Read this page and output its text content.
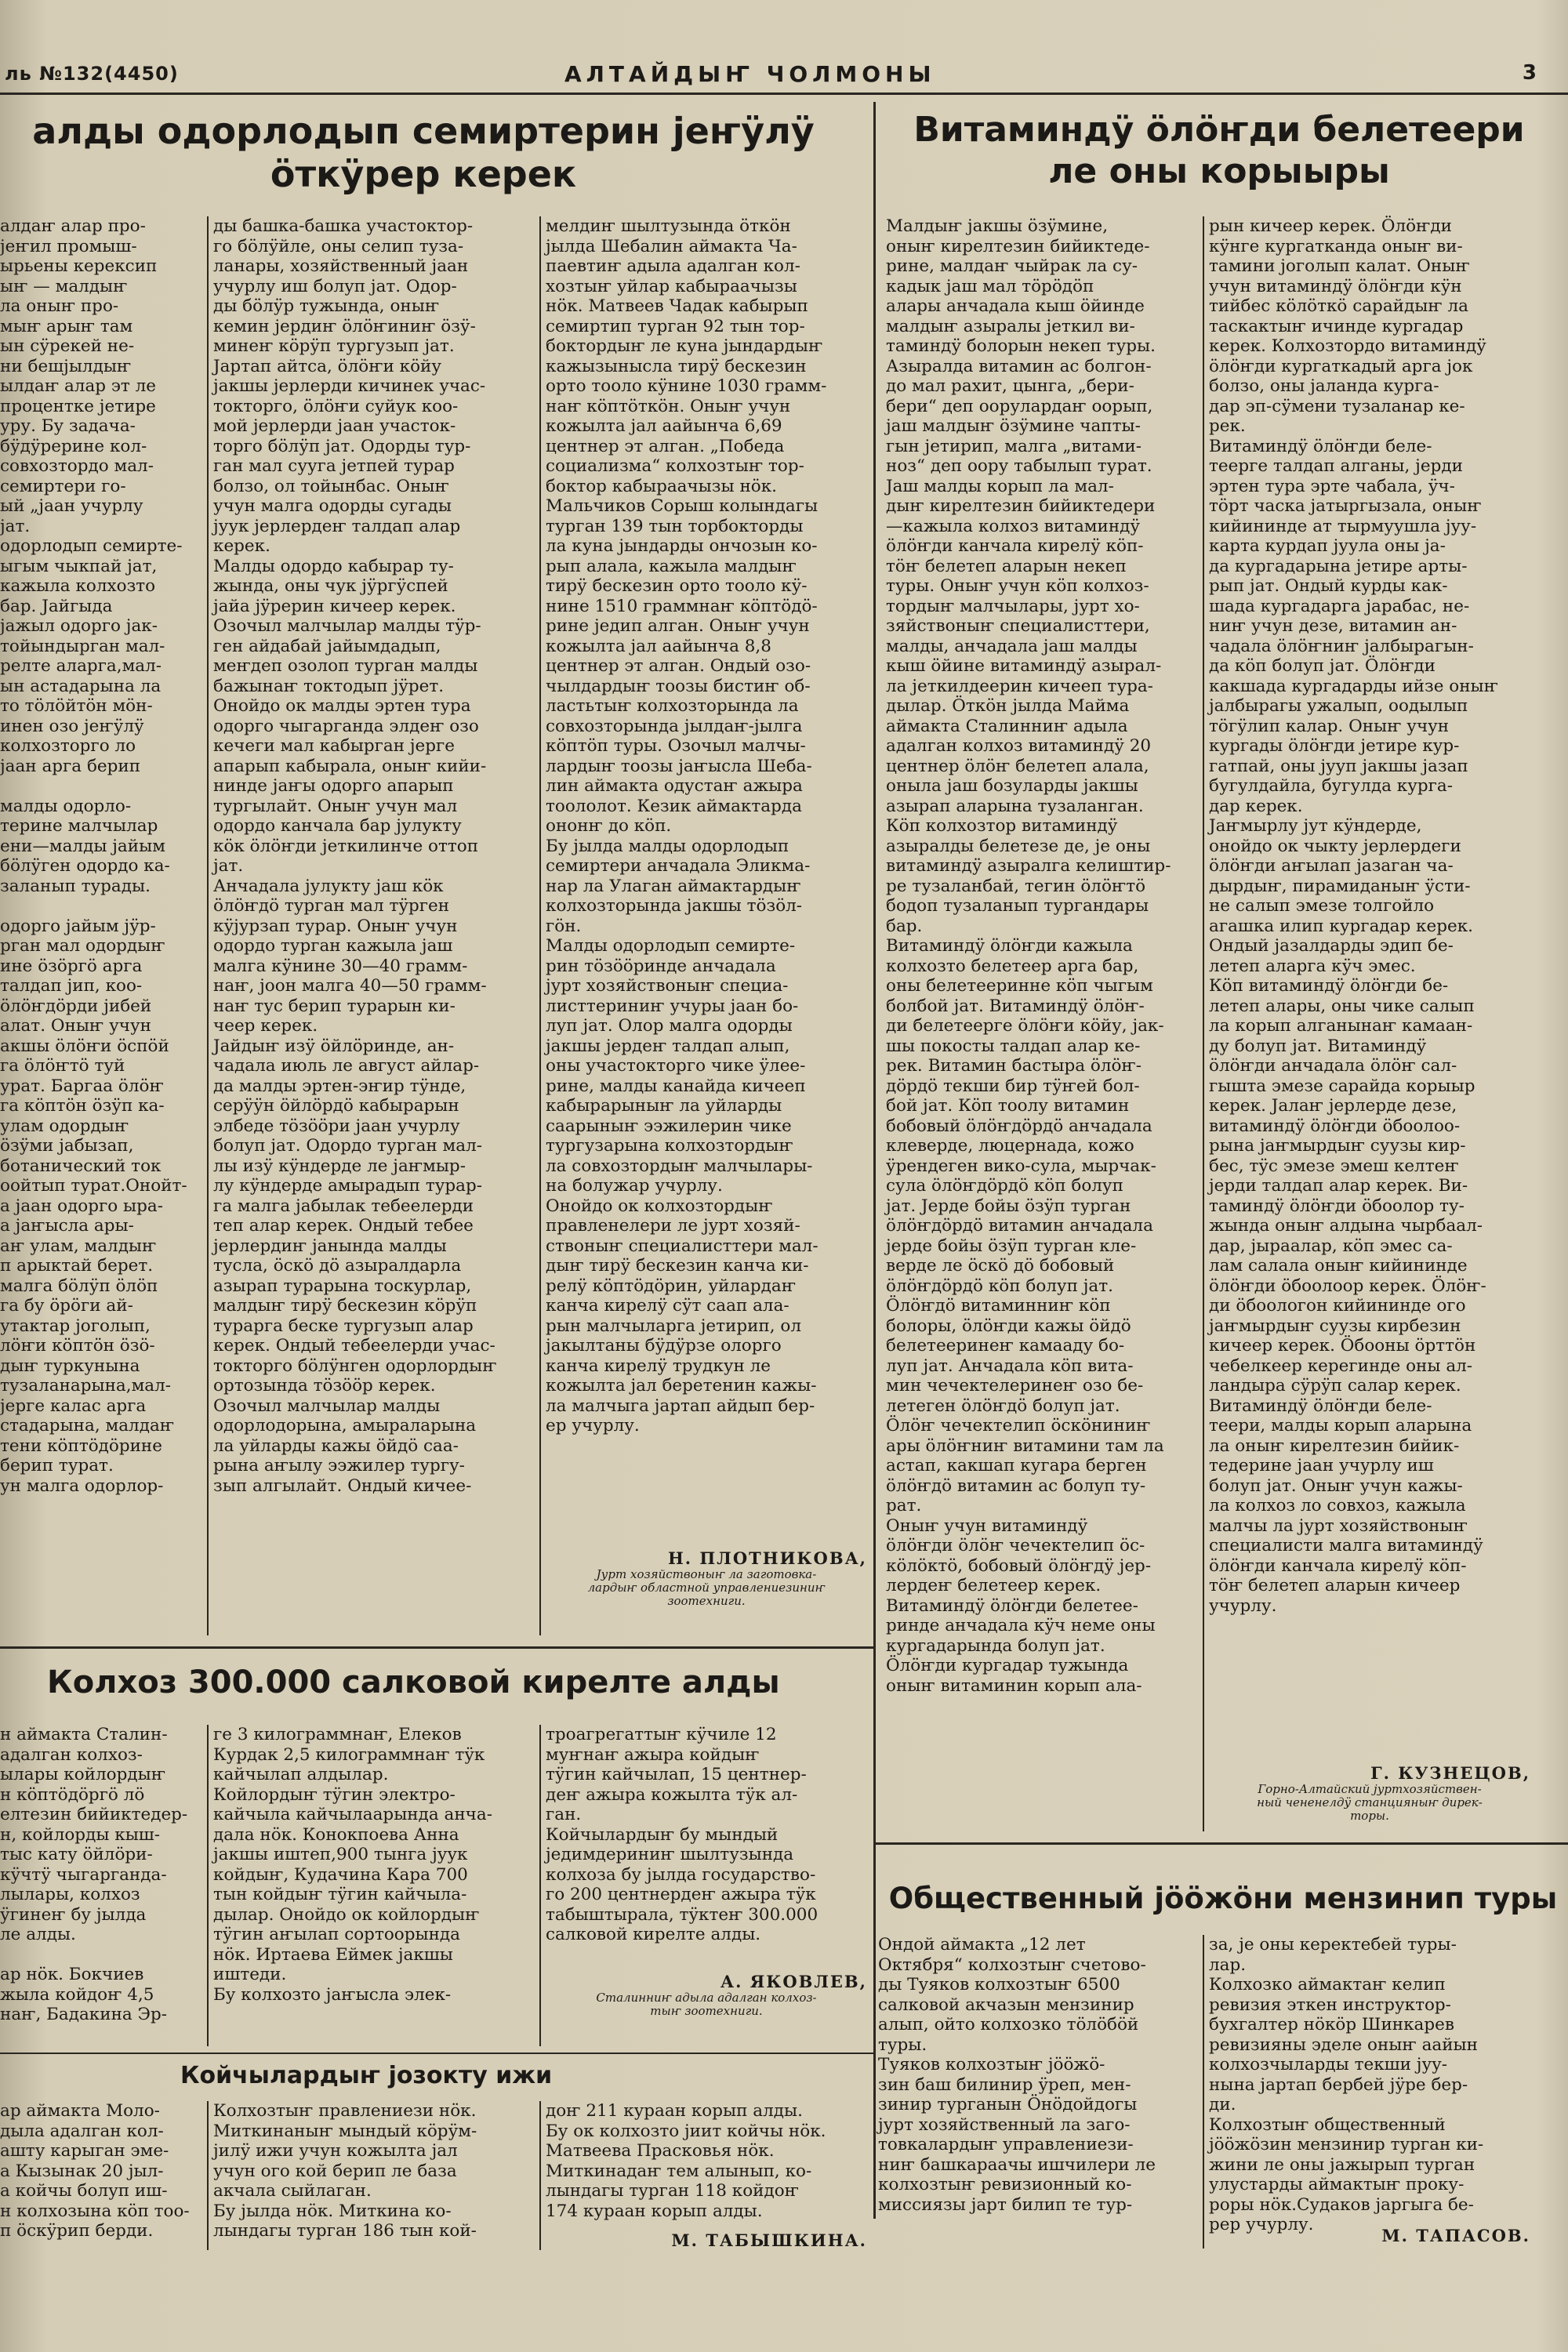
ль №132(4450)	АЛТАЙДЫҤ ЧОЛМОНЫ	3
алды одорлодып семиртерин јеҥӱлӱ
ӧткӱрер керек
алдаҥ алар про-
јеҥил промыш-
ырьены керексип
ыҥ — малдыҥ
ла оныҥ про-
мыҥ арыҥ там
ын сӱрекей не-
ни бешјылдыҥ
ылдаҥ алар эт ле
процентке јетире
уру. Бу задача-
бӱдӱрерине кол-
совхозтордо мал-
семиртери го-
ый „јаан учурлу
јат.
одорлодып семирте-
ыгым чыкпай јат,
кажыла колхозто
бар. Јайгыда
јажыл одорго јак-
тойындырган мал-
релте аларга,мал-
ын астадарына ла
то тӧлӧйтӧн мӧн-
инен озо јеҥӱлӱ
колхозторго ло
јаан арга берип

малды одорло-
терине малчылар
ени—малды јайым
бӧлӱген одордо ка-
заланып турады.

одорго јайым јӱр-
рган мал одордыҥ
ине ӧзӧргӧ арга
талдап јип, коо-
ӧлӧҥдӧрди јибей
алат. Оныҥ учун
акшы ӧлӧҥи ӧспӧй
га ӧлӧҥтӧ туй
урат. Баргаа ӧлӧҥ
га кӧптӧн ӧзӱп ка-
улам одордыҥ
ӧзӱми јабызап,
ботанический ток
оойтып турат.Онойт-
а јаан одорго ыра-
а јаҥысла ары-
аҥ улам, малдыҥ
п арыктай берет.
малга бӧлӱп ӧлӧп
га бу ӧрӧги ай-
утактар јоголып,
лӧҥи кӧптӧн ӧзӧ-
дыҥ туркунына
тузаланарына,мал-
јерге калас арга
стадарына, малдаҥ
тени кӧптӧдӧрине
берип турат.
ун малга одорлор-
ды башка-башка участоктор-
го бӧлӱйле, оны селип туза-
ланары, хозяйственный јаан
учурлу иш болуп јат. Одор-
ды бӧлӱр тужында, оныҥ
кемин јердиҥ ӧлӧҥиниҥ ӧзӱ-
минеҥ кӧрӱп тургузып јат.
Јартап айтса, ӧлӧҥи кӧйу
јакшы јерлерди кичинек учас-
токторго, ӧлӧҥи суйук коо-
мой јерлерди јаан участок-
торго бӧлӱп јат. Одорды тур-
ган мал сууга јетпей турар
болзо, ол тойынбас. Оныҥ
учун малга одорды сугады
јуук јерлердеҥ талдап алар
керек.
Малды одордо кабырар ту-
жында, оны чук јӱргӱспей
јайа јӱрерин кичеер керек.
Озочыл малчылар малды тӱр-
ген айдабай јайымдадып,
меҥдеп озолоп турган малды
бажынаҥ токтодып јӱрет.
Онойдо ок малды эртен тура
одорго чыгарганда элдеҥ озо
кечеги мал кабырган јерге
апарып кабырала, оныҥ кийи-
нинде јаҥы одорго апарып
тургылайт. Оныҥ учун мал
одордо канчала бар јулукту
кӧк ӧлӧҥди јеткилинче оттоп
јат.
Анчадала јулукту јаш кӧк
ӧлӧҥдӧ турган мал тӱрген
кӱјурзап турар. Оныҥ учун
одордо турган кажыла јаш
малга кӱнине 30—40 грамм-
наҥ, јоон малга 40—50 грамм-
наҥ тус берип турарын ки-
чеер керек.
Јайдыҥ изӱ ӧйлӧринде, ан-
чадала июль ле август айлар-
да малды эртен-эҥир тӱнде,
серӱӱн ӧйлӧрдӧ кабырарын
элбеде тӧзӧӧри јаан учурлу
болуп јат. Одордо турган мал-
лы изӱ кӱндерде ле јаҥмыр-
лу кӱндерде амырадып турар-
га малга јабылак тебеелерди
теп алар керек. Ондый тебее
јерлердиҥ јанында малды
тусла, ӧскӧ дӧ азыралдарла
азырап турарына тоскурлар,
малдыҥ тирӱ бескезин кӧрӱп
турарга беске тургузып алар
керек. Ондый тебеелерди учас-
токторго бӧлӱнген одорлордыҥ
ортозында тӧзӧӧр керек.
Озочыл малчылар малды
одорлодорына, амыраларына
ла уйларды кажы ӧйдӧ саа-
рына аҥылу ээжилер тургу-
зып алгылайт. Ондый кичее-
мелдиҥ шылтузында ӧткӧн
јылда Шебалин аймакта Ча-
паевтиҥ адыла адалган кол-
хозтыҥ уйлар кабыраачызы
нӧк. Матвеев Чадак кабырып
семиртип турган 92 тын тор-
боктордыҥ ле куна јындардыҥ
кажызынысла тирӱ бескезин
орто тооло кӱнине 1030 грамм-
наҥ кӧптӧткӧн. Оныҥ учун
кожылта јал аайынча 6,69
центнер эт алган. „Победа
социализма“ колхозтыҥ тор-
боктор кабыраачызы нӧк.
Мальчиков Сорыш колындагы
турган 139 тын торбокторды
ла куна јындарды ончозын ко-
рып алала, кажыла малдыҥ
тирӱ бескезин орто тооло кӱ-
нине 1510 граммнаҥ кӧптӧдӧ-
рине једип алган. Оныҥ учун
кожылта јал аайынча 8,8
центнер эт алган. Ондый озо-
чылдардыҥ тоозы бистиҥ об-
ластьтыҥ колхозторында ла
совхозторында јылдаҥ-јылга
кӧптӧп туры. Озочыл малчы-
лардыҥ тоозы јаҥысла Шеба-
лин аймакта одустаҥ ажыра
тоололот. Кезик аймактарда
ононҥ до кӧп.
Бу јылда малды одорлодып
семиртери анчадала Эликма-
нар ла Улаган аймактардыҥ
колхозторында јакшы тӧзӧл-
гӧн.
Малды одорлодып семирте-
рин тӧзӧӧринде анчадала
јурт хозяйствоныҥ специа-
листтериниҥ учуры јаан бо-
луп јат. Олор малга одорды
јакшы јердеҥ талдап алып,
оны участокторго чике ӱлее-
рине, малды канайда кичееп
кабырарыныҥ ла уйларды
саарыныҥ ээжилерин чике
тургузарына колхозтордыҥ
ла совхозтордыҥ малчылары-
на болужар учурлу.
Онойдо ок колхозтордыҥ
правленелери ле јурт хозяй-
ствоныҥ специалисттери мал-
дыҥ тирӱ бескезин канча ки-
релӱ кӧптӧдӧрин, уйлардаҥ
канча кирелӱ сӱт саап ала-
рын малчыларга јетирип, ол
јакылтаны бӱдӱрзе олорго
канча кирелӱ трудкун ле
кожылта јал беретенин кажы-
ла малчыга јартап айдып бер-
ер учурлу.
Н. ПЛОТНИКОВА,
Јурт хозяйствоныҥ ла заготовка-
лардыҥ областной управлениезиниҥ
зоотехниги.
Витаминдӱ ӧлӧҥди белетеери
ле оны корыыры
Малдыҥ јакшы ӧзӱмине,
оныҥ кирелтезин бийиктеде-
рине, малдаҥ чыйрак ла су-
кадык јаш мал тӧрӧдӧп
алары анчадала кыш ӧйинде
малдыҥ азыралы јеткил ви-
таминдӱ болорын некеп туры.
Азыралда витамин ас болгон-
до мал рахит, цынга, „бери-
бери“ деп оорулардаҥ оорып,
јаш малдыҥ ӧзӱмине чапты-
гын јетирип, малга „витами-
ноз“ деп оору табылып турат.
Јаш малды корып ла мал-
дыҥ кирелтезин бийиктедери
—кажыла колхоз витаминдӱ
ӧлӧҥди канчала кирелӱ кӧп-
тӧҥ белетеп аларын некеп
туры. Оныҥ учун кӧп колхоз-
тордыҥ малчылары, јурт хо-
зяйствоныҥ специалисттери,
малды, анчадала јаш малды
кыш ӧйине витаминдӱ азырал-
ла јеткилдеерин кичееп тура-
дылар. Ӧткӧн јылда Майма
аймакта Сталинниҥ адыла
адалган колхоз витаминдӱ 20
центнер ӧлӧҥ белетеп алала,
оныла јаш бозуларды јакшы
азырап аларына тузаланган.
Кӧп колхозтор витаминдӱ
азыралды белетезе де, је оны
витаминдӱ азыралга келиштир-
ре тузаланбай, тегин ӧлӧҥтӧ
бодоп тузаланып тургандары
бар.
Витаминдӱ ӧлӧҥди кажыла
колхозто белетеер арга бар,
оны белетееринне кӧп чыгым
болбой јат. Витаминдӱ ӧлӧҥ-
ди белетеерге ӧлӧҥи кӧйу, јак-
шы покосты талдап алар ке-
рек. Витамин бастыра ӧлӧҥ-
дӧрдӧ текши бир тӱҥей бол-
бой јат. Кӧп тоолу витамин
бобовый ӧлӧҥдӧрдӧ анчадала
клеверде, люцернада, кожо
ӱрендеген вико-сула, мырчак-
сула ӧлӧҥдӧрдӧ кӧп болуп
јат. Јерде бойы ӧзӱп турган
ӧлӧҥдӧрдӧ витамин анчадала
јерде бойы ӧзӱп турган кле-
верде ле ӧскӧ дӧ бобовый
ӧлӧҥдӧрдӧ кӧп болуп јат.
Ӧлӧҥдӧ витаминниҥ кӧп
болоры, ӧлӧҥди кажы ӧйдӧ
белетееринеҥ камааду бо-
луп јат. Анчадала кӧп вита-
мин чечектелеринеҥ озо бе-
летеген ӧлӧҥдӧ болуп јат.
Ӧлӧҥ чечектелип ӧскӧниниҥ
ары ӧлӧҥниҥ витамини там ла
астап, какшап кугара берген
ӧлӧҥдӧ витамин ас болуп ту-
рат.
Оныҥ учун витаминдӱ
ӧлӧҥди ӧлӧҥ чечектелип ӧс-
кӧлӧктӧ, бобовый ӧлӧҥдӱ јер-
лердеҥ белетеер керек.
Витаминдӱ ӧлӧҥди белетее-
ринде анчадала кӱч неме оны
кургадарында болуп јат.
Ӧлӧҥди кургадар тужында
оныҥ витаминин корып ала-
рын кичеер керек. Ӧлӧҥди
кӱнге кургатканда оныҥ ви-
тамини јоголып калат. Оныҥ
учун витаминдӱ ӧлӧҥди кӱн
тийбес кӧлӧткӧ сарайдыҥ ла
таскактыҥ ичинде кургадар
керек. Колхозтордо витаминдӱ
ӧлӧҥди кургаткадый арга јок
болзо, оны јаланда курга-
дар эп-сӱмени тузаланар ке-
рек.
Витаминдӱ ӧлӧҥди беле-
теерге талдап алганы, јерди
эртен тура эрте чабала, ӱч-
тӧрт часка јатыргызала, оныҥ
кийининде ат тырмуушла јуу-
карта курдап јуула оны ја-
да кургадарына јетире арты-
рып јат. Ондый курды как-
шада кургадарга јарабас, не-
ниҥ учун дезе, витамин ан-
чадала ӧлӧҥниҥ јалбырагын-
да кӧп болуп јат. Ӧлӧҥди
какшада кургадарды ийзе оныҥ
јалбырагы ужалып, оодылып
тӧгӱлип калар. Оныҥ учун
кургады ӧлӧҥди јетире кур-
гатпай, оны јууп јакшы јазап
бугулдайла, бугулда курга-
дар керек.
Јаҥмырлу јут кӱндерде,
онойдо ок чыкту јерлердеги
ӧлӧҥди аҥылап јазаган ча-
дырдыҥ, пирамиданыҥ ӱсти-
не салып эмезе толгойло
агашка илип кургадар керек.
Ондый јазалдарды эдип бе-
летеп аларга кӱч эмес.
Кӧп витаминдӱ ӧлӧҥди бе-
летеп алары, оны чике салып
ла корып алганынаҥ камаан-
ду болуп јат. Витаминдӱ
ӧлӧҥди анчадала ӧлӧҥ сал-
гышта эмезе сарайда корыыр
керек. Јалаҥ јерлерде дезе,
витаминдӱ ӧлӧҥди ӧбоолоо-
рына јаҥмырдыҥ суузы кир-
бес, тӱс эмезе эмеш келтеҥ
јерди талдап алар керек. Ви-
таминдӱ ӧлӧҥди ӧбоолор ту-
жында оныҥ алдына чырбаал-
дар, јыраалар, кӧп эмес са-
лам салала оныҥ кийининде
ӧлӧҥди ӧбоолоор керек. Ӧлӧҥ-
ди ӧбоологон кийининде ого
јаҥмырдыҥ суузы кирбезин
кичеер керек. Ӧбооны ӧрттӧн
чебелкеер керегинде оны ал-
ландыра сӱрӱп салар керек.
Витаминдӱ ӧлӧҥди беле-
теери, малды корып аларына
ла оныҥ кирелтезин бийик-
тедерине јаан учурлу иш
болуп јат. Оныҥ учун кажы-
ла колхоз ло совхоз, кажыла
малчы ла јурт хозяйствоныҥ
специалисти малга витаминдӱ
ӧлӧҥди канчала кирелӱ кӧп-
тӧҥ белетеп аларын кичеер
учурлу.
Г. КУЗНЕЦОВ,
Горно-Алтайский јуртхозяйствен-
ный чененелдӱ станцияныҥ дирек-
торы.
Колхоз 300.000 салковой кирелте алды
н аймакта Сталин-
адалган колхоз-
ылары койлордыҥ
н кӧптӧдӧргӧ лӧ
елтезин бийиктедер-
н, койлорды кыш-
тыс кату ӧйлӧри-
кӱчтӱ чыгарганда-
лылары, колхоз
ӱгинеҥ бу јылда
ле алды.

ар нӧк. Бокчиев
жыла койдоҥ 4,5
наҥ, Бадакина Эр-
ге 3 килограммнаҥ, Елеков
Курдак 2,5 килограммнаҥ тӱк
кайчылап алдылар.
Койлордыҥ тӱгин электро-
кайчыла кайчылаарында анча-
дала нӧк. Конокпоева Анна
јакшы иштеп,900 тынга јуук
койдыҥ, Кудачина Кара 700
тын койдыҥ тӱгин кайчыла-
дылар. Онойдо ок койлордыҥ
тӱгин аҥылап сортоорында
нӧк. Иртаева Еймек јакшы
иштеди.
Бу колхозто јаҥысла элек-
троагрегаттыҥ кӱчиле 12
муҥнаҥ ажыра койдыҥ
тӱгин кайчылап, 15 центнер-
деҥ ажыра кожылта тӱк ал-
ган.
Койчылардыҥ бу мындый
једимдериниҥ шылтузында
колхоза бу јылда государство-
го 200 центнердеҥ ажыра тӱк
табыштырала, тӱктеҥ 300.000
салковой кирелте алды.
А. ЯКОВЛЕВ,
Сталинниҥ адыла адалган колхоз-
тыҥ зоотехниги.
Койчылардыҥ јозокту ижи
ар аймакта Моло-
дыла адалган кол-
ашту карыган эме-
а Кызынак 20 јыл-
а койчы болуп иш-
н колхозына кӧп тоо-
п ӧскӱрип берди.
Колхозтыҥ правлениези нӧк.
Миткинаныҥ мындый кӧрӱм-
јилӱ ижи учун кожылта јал
учун ого кой берип ле база
акчала сыйлаган.
Бу јылда нӧк. Миткина ко-
лындагы турган 186 тын кой-
доҥ 211 кураан корып алды.
Бу ок колхозто јиит койчы нӧк.
Матвеева Прасковья нӧк.
Миткинадаҥ тем алынып, ко-
лындагы турган 118 койдоҥ
174 кураан корып алды.
М. ТАБЫШКИНА.
Общественный јӧӧжӧни мензинип туры
Ондой аймакта „12 лет
Октября“ колхозтыҥ счетово-
ды Туяков колхозтыҥ 6500
салковой акчазын мензиниp
алып, ойто колхозко тӧлӧбӧй
туры.
Туяков колхозтыҥ јӧӧжӧ-
зин баш билиниp ӱреп, мен-
зиниp турганын Ӧнӧдойдогы
јурт хозяйственный ла заго-
товкалардыҥ управлениези-
ниҥ башкараачы ишчилери ле
колхозтыҥ ревизионный ко-
миссиязы јарт билип те тур-
за, је оны керектебей туры-
лар.
Колхозко аймактаҥ келип
ревизия эткен инструктор-
бухгалтер нӧкӧр Шинкарев
ревизияны эделе оныҥ аайын
колхозчыларды текши јуу-
нына јартап бербей јӱре бер-
ди.
Колхозтыҥ общественный
јӧӧжӧзин мензиниp турган ки-
жини ле оны јажырып турган
улустарды аймактыҥ проку-
роры нӧк.Судаков јаргыга бе-
рер учурлу.
М. ТАПАСОВ.
